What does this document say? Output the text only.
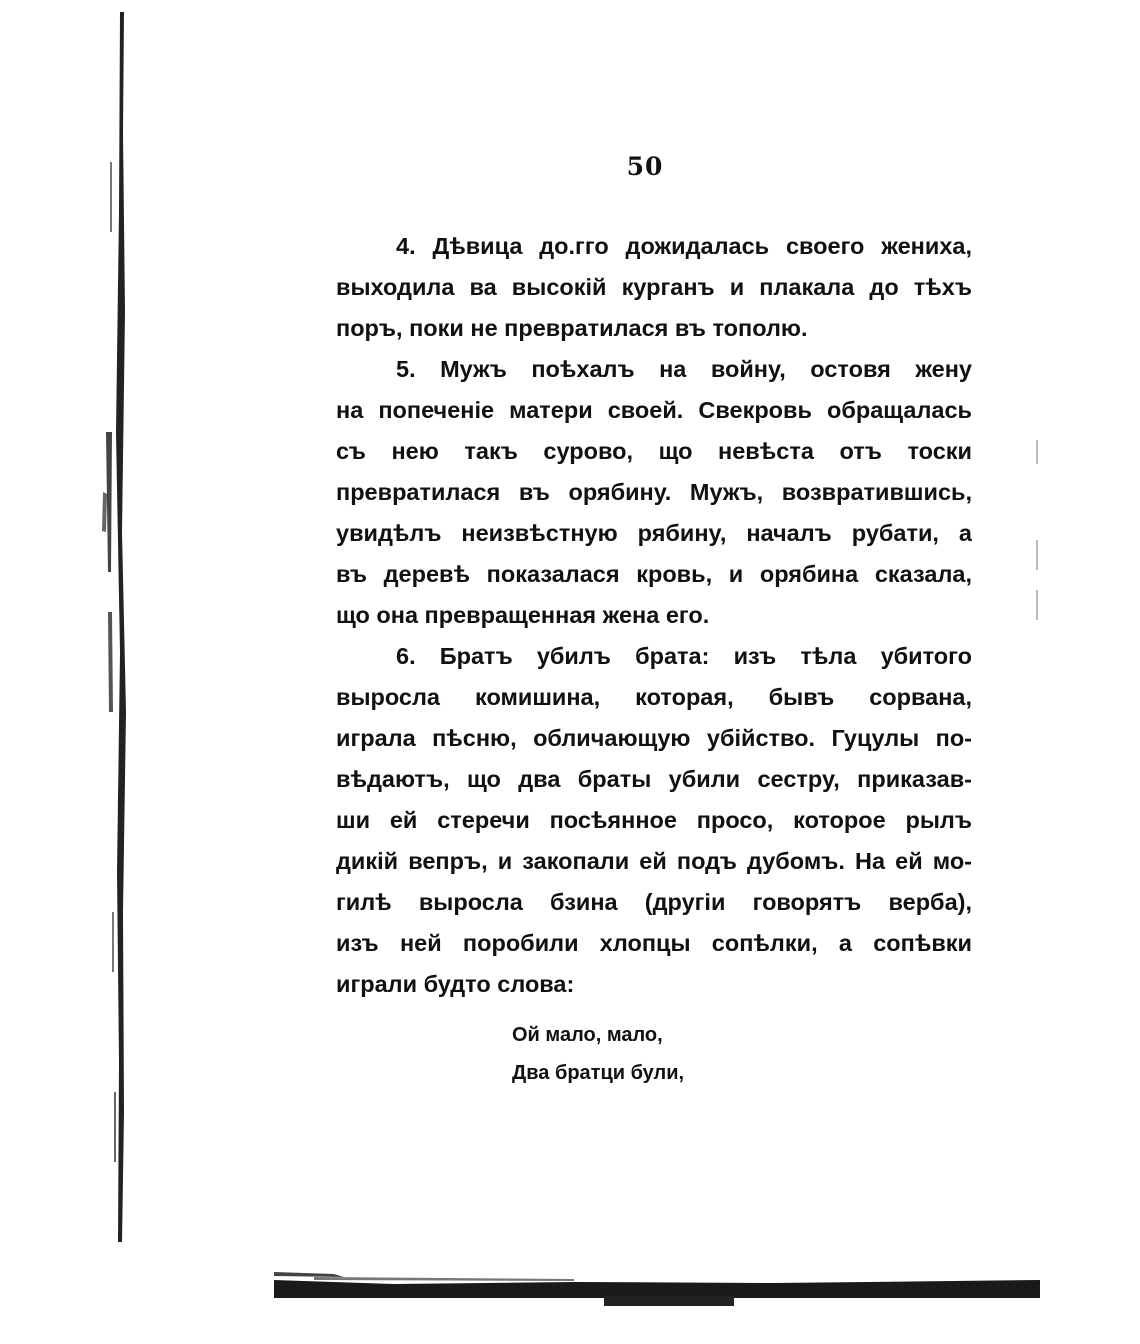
50
4. Дѣвица до.гго дожидалась своего женихa,
выходила ва высокій курганъ и плакала до тѣхъ
поръ, поки не превратилася въ тополю.
5. Мужъ поѣхалъ на войну, остовя жену
на попеченіе матери своей. Свекровь обращалась
съ нею такъ сурово, що невѣста отъ тоски
превратилася въ орябину. Мужъ, возвратившись,
увидѣлъ неизвѣстную рябину, началъ рубати, а
въ деревѣ показалася кровь, и орябина сказала,
що она превращенная жена его.
6. Братъ убилъ брата: изъ тѣла убитого
выросла комишина, которая, бывъ сорвана,
играла пѣсню, обличающую убійство. Гуцулы по-
вѣдаютъ, що два браты убили сестру, приказав-
ши ей стеречи посѣянное просо, которое рылъ
дикій вепръ, и закопали ей подъ дубомъ. На ей мо-
гилѣ выросла бзина (другіи говорятъ верба),
изъ ней поробили хлопцы сопѣлки, а сопѣвки
играли будто слова:
Ой мало, мало,
Два братци були,
